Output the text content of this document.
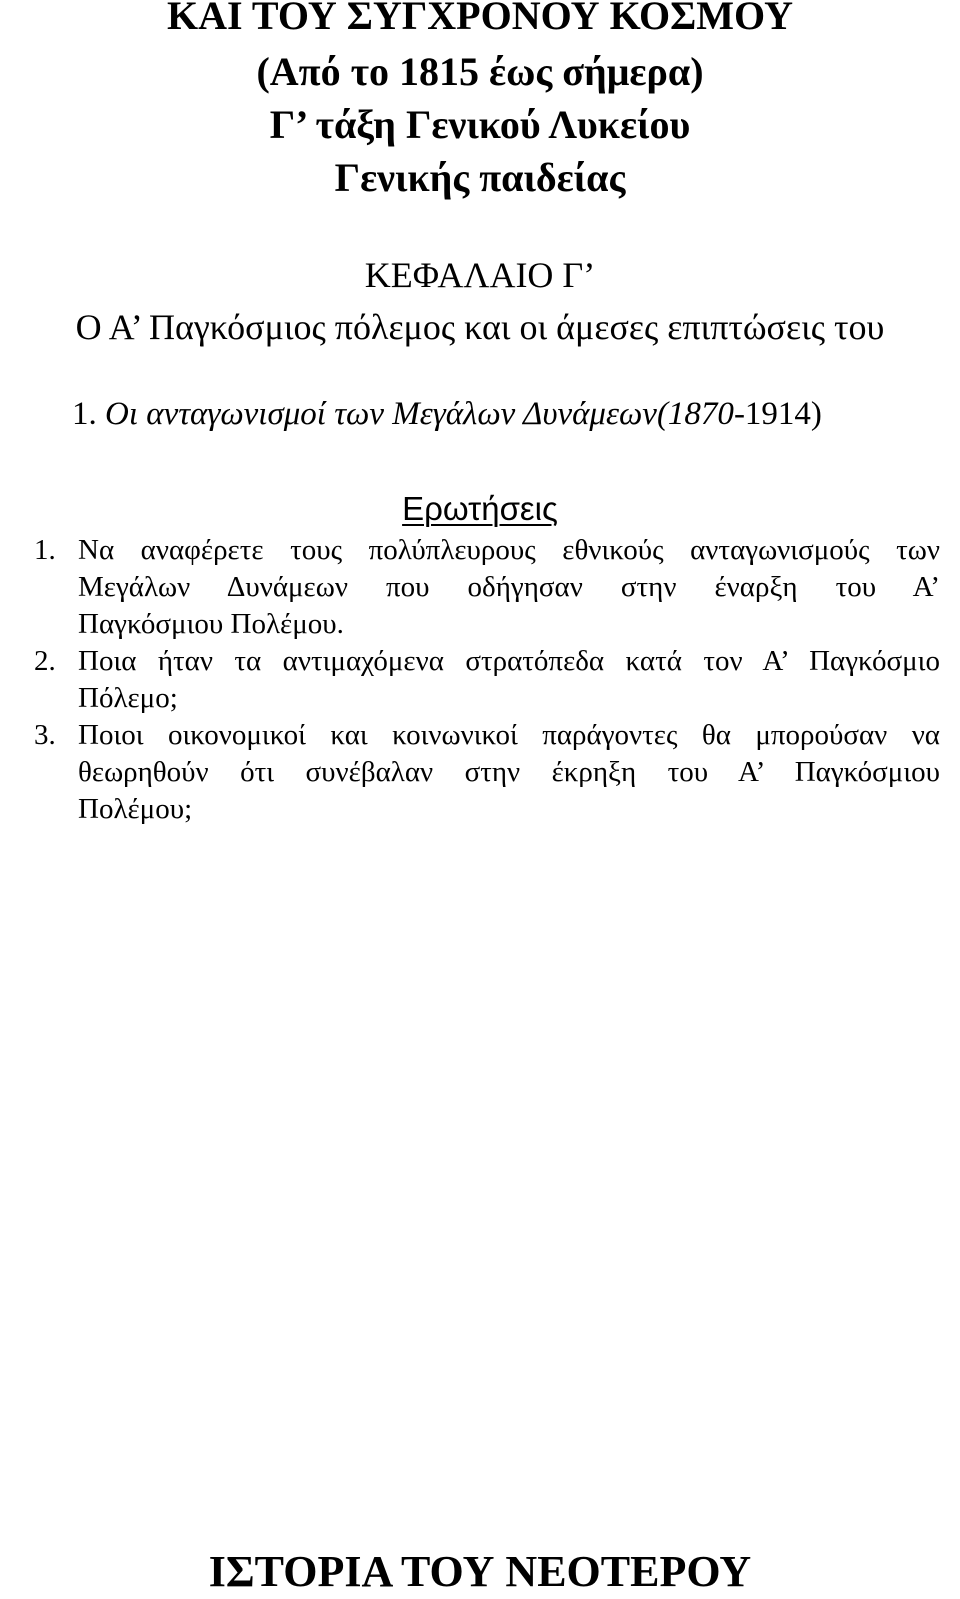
ΚΑΙ ΤΟΥ ΣΥΓΧΡΟΝΟΥ ΚΟΣΜΟΥ
(Από το 1815 έως σήμερα)
Γ’ τάξη Γενικού Λυκείου
Γενικής παιδείας
ΚΕΦΑΛΑΙΟ Γ’
Ο Α’ Παγκόσμιος πόλεμος και οι άμεσες επιπτώσεις του
1. Οι ανταγωνισμοί των Μεγάλων Δυνάμεων(1870-1914)
Ερωτήσεις
1. Να αναφέρετε τους πολύπλευρους εθνικούς ανταγωνισμούς των
Μεγάλων Δυνάμεων που οδήγησαν στην έναρξη του Α’
Παγκόσμιου Πολέμου.
2. Ποια ήταν τα αντιμαχόμενα στρατόπεδα κατά τον Α’ Παγκόσμιο
Πόλεμο;
3. Ποιοι οικονομικοί και κοινωνικοί παράγοντες θα μπορούσαν να
θεωρηθούν ότι συνέβαλαν στην έκρηξη του Α’ Παγκόσμιου
Πολέμου;
ΙΣΤΟΡΙΑ ΤΟΥ ΝΕΟΤΕΡΟΥ
